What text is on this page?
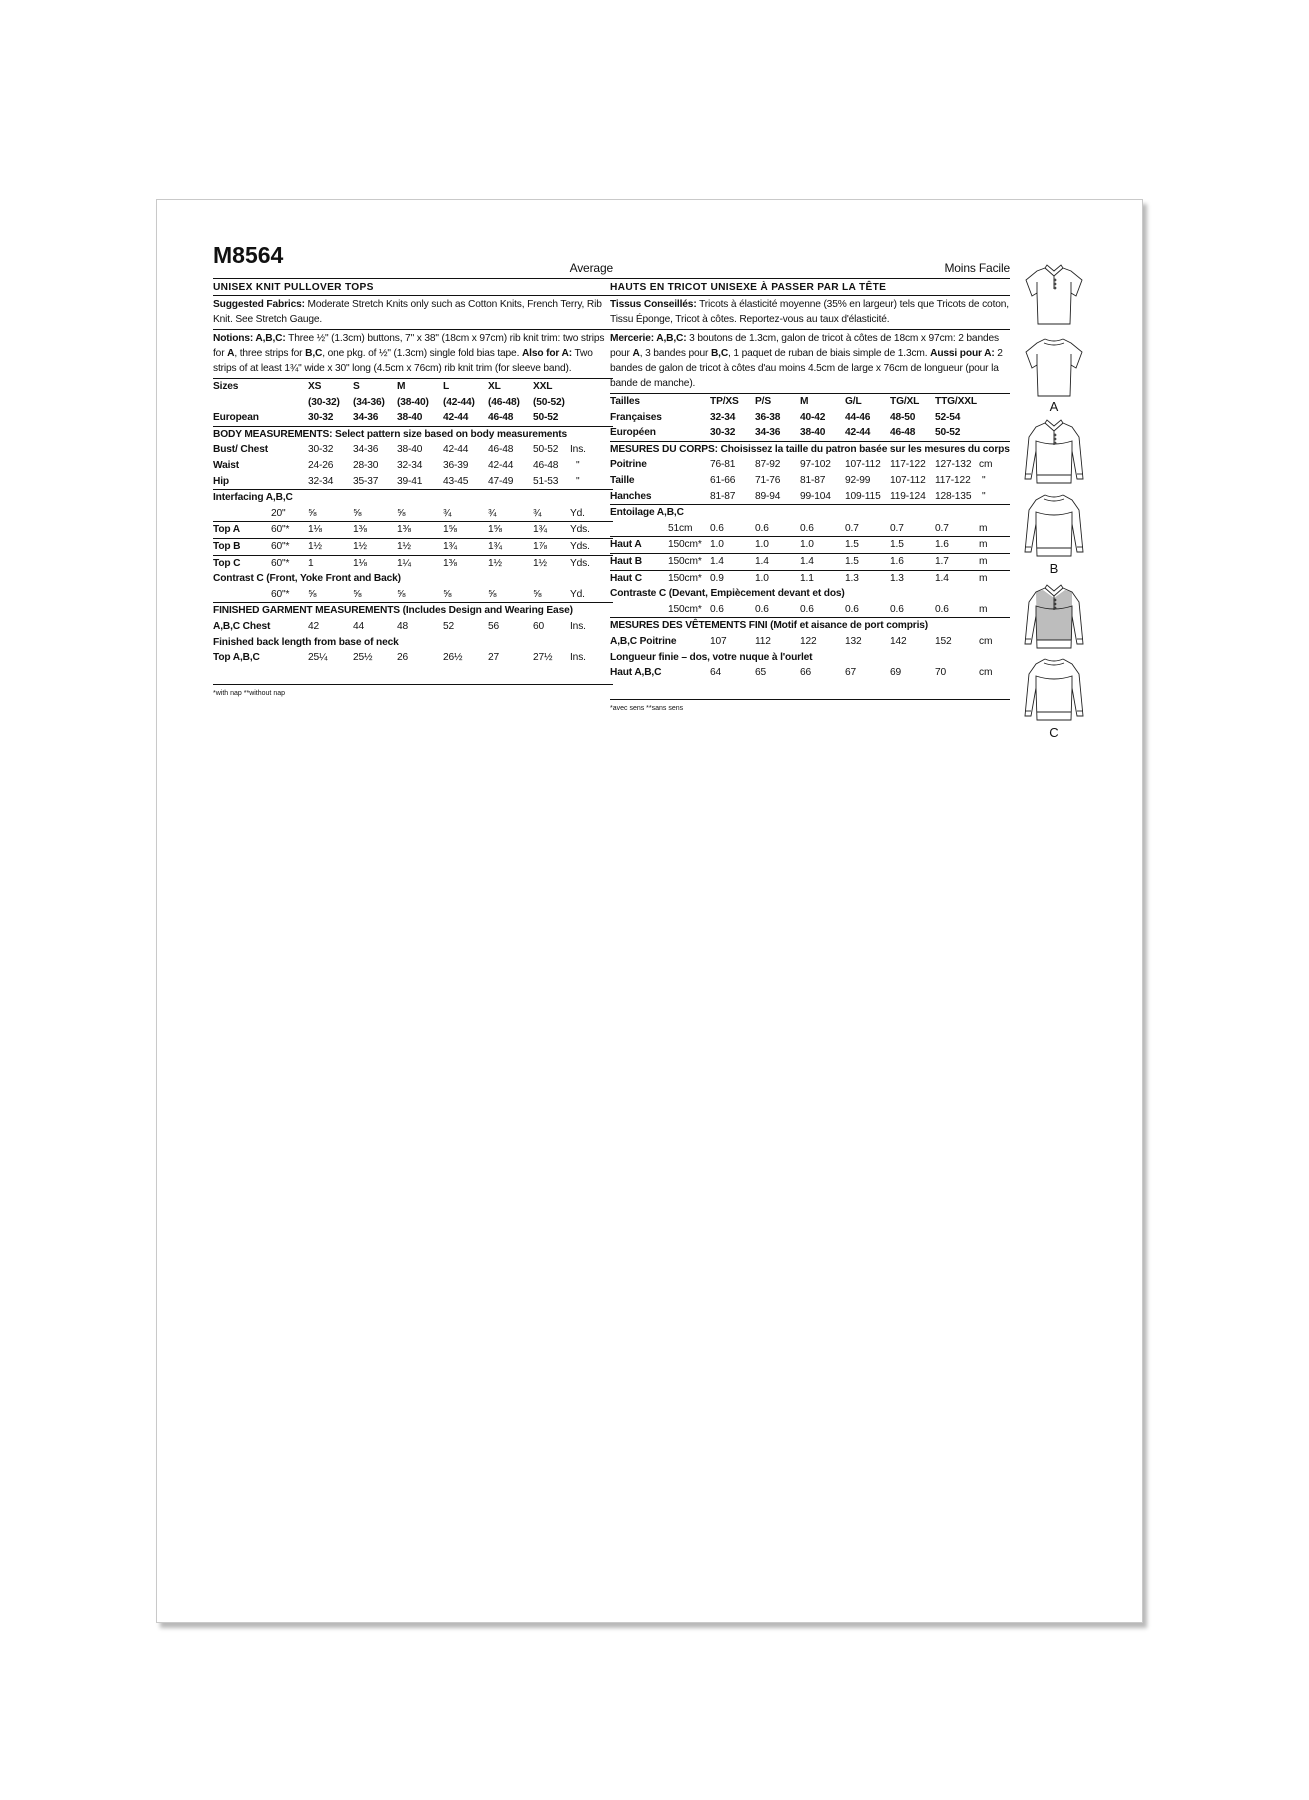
M8564	Average
UNISEX KNIT PULLOVER TOPS
Suggested Fabrics: Moderate Stretch Knits only such as Cotton Knits, French Terry, Rib Knit. See Stretch Gauge.
Notions: A,B,C: Three ½" (1.3cm) buttons, 7" x 38" (18cm x 97cm) rib knit trim: two strips for A, three strips for B,C, one pkg. of ½" (1.3cm) single fold bias tape. Also for A: Two strips of at least 1¾" wide x 30" long (4.5cm x 76cm) rib knit trim (for sleeve band).
Sizes	XS	S	M	L	XL	XXL
(30-32) (34-36) (38-40) (42-44) (46-48) (50-52)
European	30-32 34-36 38-40 42-44 46-48 50-52
BODY MEASUREMENTS: Select pattern size based on body measurements
Bust/ Chest	30-32 34-36 38-40 42-44 46-48 50-52 Ins.
Waist	24-26 28-30 32-34 36-39 42-44 46-48 "
Hip	32-34 35-37 39-41 43-45 47-49 51-53 "
Interfacing A,B,C
20" ⅝	⅝	⅝	¾	¾	¾	Yd.
Top A	60"* 1⅛	1⅜	1⅜	1⅝	1⅝	1¾ Yds.
Top B	60"* 1½	1½	1½	1¾	1¾	1⅞ Yds.
Top C	60"* 1	1⅛	1¼	1⅜	1½	1½ Yds.
Contrast C (Front, Yoke Front and Back)
60"* ⅝	⅝	⅝	⅝	⅝	⅝	Yd.
FINISHED GARMENT MEASUREMENTS (Includes Design and Wearing Ease)
A,B,C Chest	42	44	48	52	56	60	Ins.
Finished back length from base of neck
Top A,B,C	25¼	25½ 26	26½	27	27½ Ins.
*with nap **without nap
Moins Facile
HAUTS EN TRICOT UNISEXE À PASSER PAR LA TÊTE
Tissus Conseillés: Tricots à élasticité moyenne (35% en largeur) tels que Tricots de coton, Tissu Éponge, Tricot à côtes. Reportez-vous au taux d'élasticité.
Mercerie: A,B,C: 3 boutons de 1.3cm, galon de tricot à côtes de 18cm x 97cm: 2 bandes pour A, 3 bandes pour B,C, 1 paquet de ruban de biais simple de 1.3cm. Aussi pour A: 2 bandes de galon de tricot à côtes d'au moins 4.5cm de large x 76cm de longueur (pour la bande de manche).
Tailles	TP/XS P/S	M	G/L	TG/XL TTG/XXL
Françaises	32-34 36-38 40-42 44-46 48-50 52-54
Européen	30-32 34-36 38-40 42-44 46-48 50-52
MESURES DU CORPS: Choisissez la taille du patron basée sur les mesures du corps
Poitrine	76-81 87-92 97-102 107-112 117-122 127-132 cm
Taille	61-66 71-76 81-87 92-99 107-112 117-122 "
Hanches	81-87 89-94 99-104 109-115 119-124 128-135 "
Entoilage A,B,C
51cm 0.6	0.6	0.6	0.7	0.7	0.7	m
Haut A	150cm* 1.0	1.0	1.0	1.5	1.5	1.6	m
Haut B	150cm* 1.4	1.4	1.4	1.5	1.6	1.7	m
Haut C	150cm* 0.9	1.0	1.1	1.3	1.3	1.4	m
Contraste C (Devant, Empiècement devant et dos)
150cm* 0.6	0.6	0.6	0.6	0.6	0.6	m
MESURES DES VÊTEMENTS FINI (Motif et aisance de port compris)
A,B,C Poitrine	107	112	122	132	142	152	cm
Longueur finie – dos, votre nuque à l'ourlet
Haut A,B,C	64	65	66	67	69	70	cm
*avec sens **sans sens
A
B
C
